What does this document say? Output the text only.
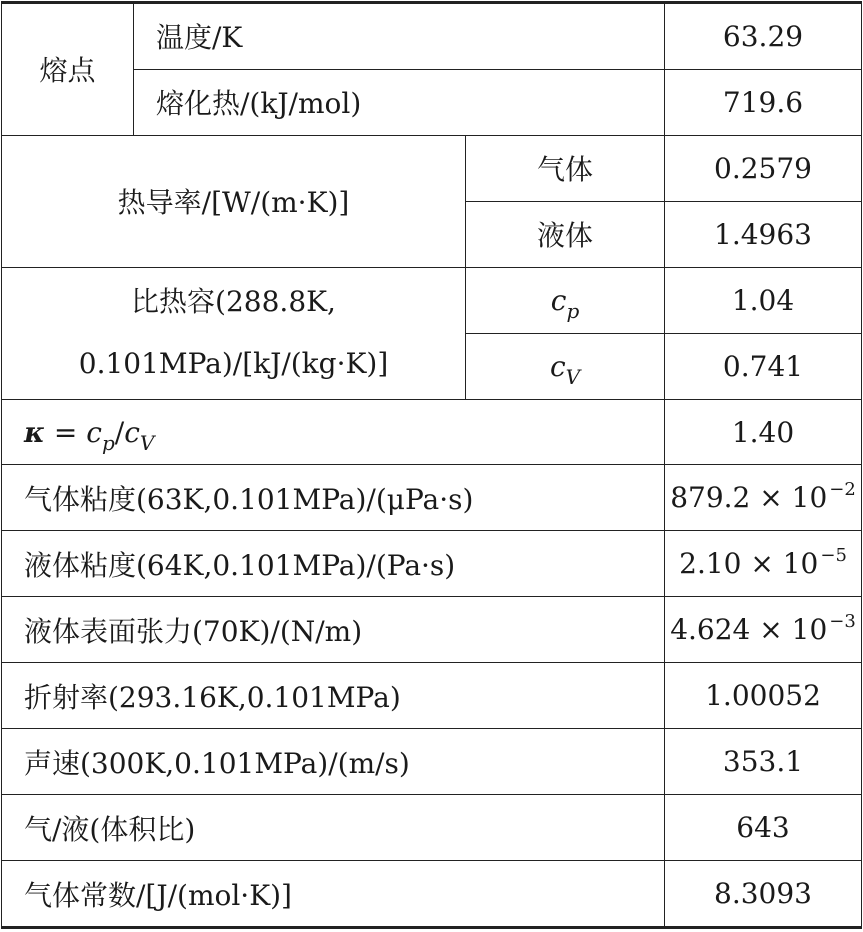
熔点	温度/K		63.29
	熔化热/(kJ/mol)		719.6
热导率/[W/(m·K)]		气体	0.2579
		液体	1.4963
比热容(288.8K,
0.101MPa)/[kJ/(kg·K)]		$c_p$	1.04
		$c_V$	0.741
$\kappa = c_p/c_V$			1.40
气体粘度(63K,0.101MPa)/(μPa·s)			879.2 × 10 $^{-2}$
液体粘度(64K,0.101MPa)/(Pa·s)			2.10 × 10 $^{-5}$
液体表面张力(70K)/(N/m)			4.624 × 10 $^{-3}$
折射率(293.16K,0.101MPa)			1.00052
声速(300K,0.101MPa)/(m/s)			353.1
气/液(体积比)			643
气体常数/[J/(mol·K)]			8.3093
